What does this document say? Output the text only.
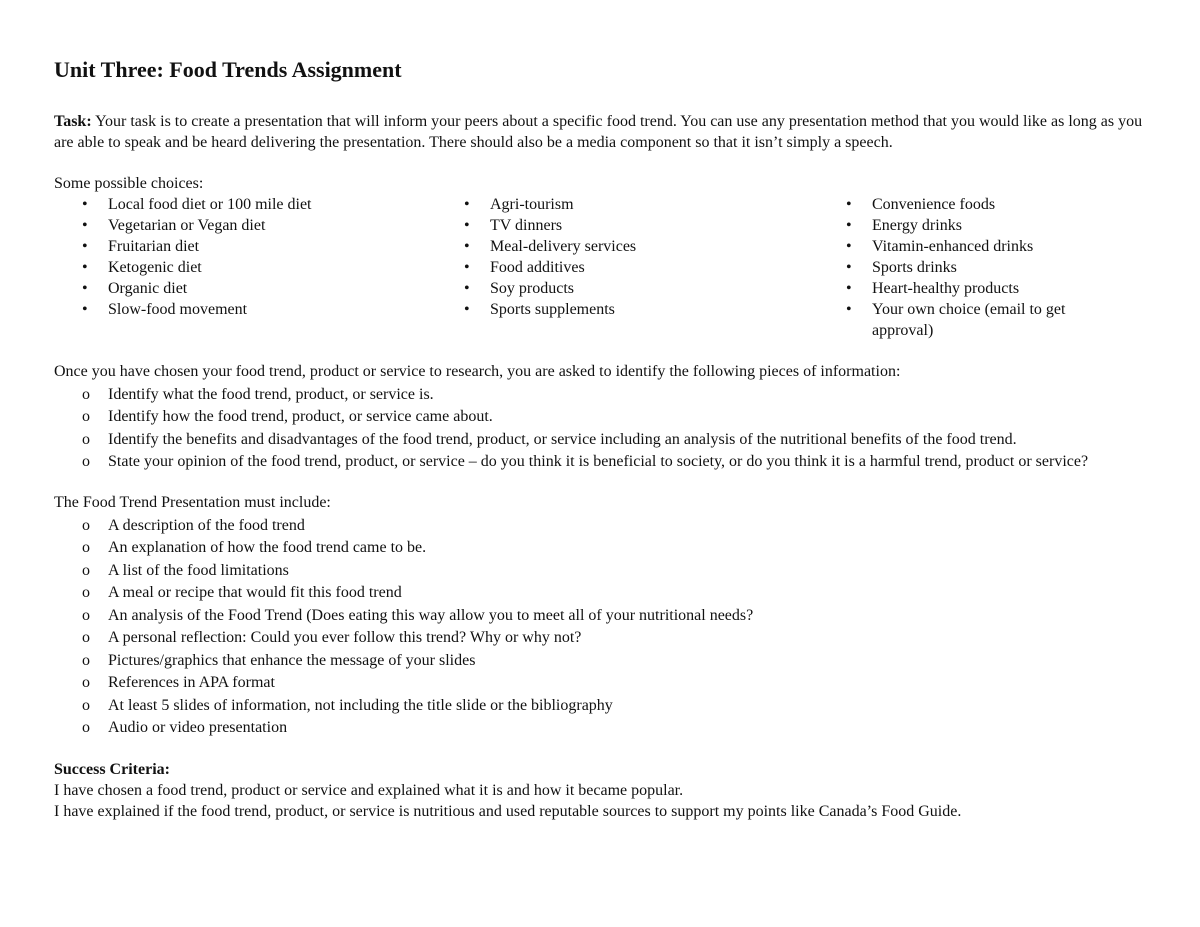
Unit Three: Food Trends Assignment

Task: Your task is to create a presentation that will inform your peers about a specific food trend. You can use any presentation method that you would like as long as you are able to speak and be heard delivering the presentation. There should also be a media component so that it isn’t simply a speech.

Some possible choices:

• Local food diet or 100 mile diet
• Vegetarian or Vegan diet
• Fruitarian diet
• Ketogenic diet
• Organic diet
• Slow-food movement
• Agri-tourism
• TV dinners
• Meal-delivery services
• Food additives
• Soy products
• Sports supplements
• Convenience foods
• Energy drinks
• Vitamin-enhanced drinks
• Sports drinks
• Heart-healthy products
• Your own choice (email to get approval)

Once you have chosen your food trend, product or service to research, you are asked to identify the following pieces of information:

o Identify what the food trend, product, or service is.
o Identify how the food trend, product, or service came about.
o Identify the benefits and disadvantages of the food trend, product, or service including an analysis of the nutritional benefits of the food trend.
o State your opinion of the food trend, product, or service – do you think it is beneficial to society, or do you think it is a harmful trend, product or service?

The Food Trend Presentation must include:

o A description of the food trend
o An explanation of how the food trend came to be.
o A list of the food limitations
o A meal or recipe that would fit this food trend
o An analysis of the Food Trend (Does eating this way allow you to meet all of your nutritional needs?
o A personal reflection: Could you ever follow this trend? Why or why not?
o Pictures/graphics that enhance the message of your slides
o References in APA format
o At least 5 slides of information, not including the title slide or the bibliography
o Audio or video presentation

Success Criteria:

I have chosen a food trend, product or service and explained what it is and how it became popular.

I have explained if the food trend, product, or service is nutritious and used reputable sources to support my points like Canada’s Food Guide.
